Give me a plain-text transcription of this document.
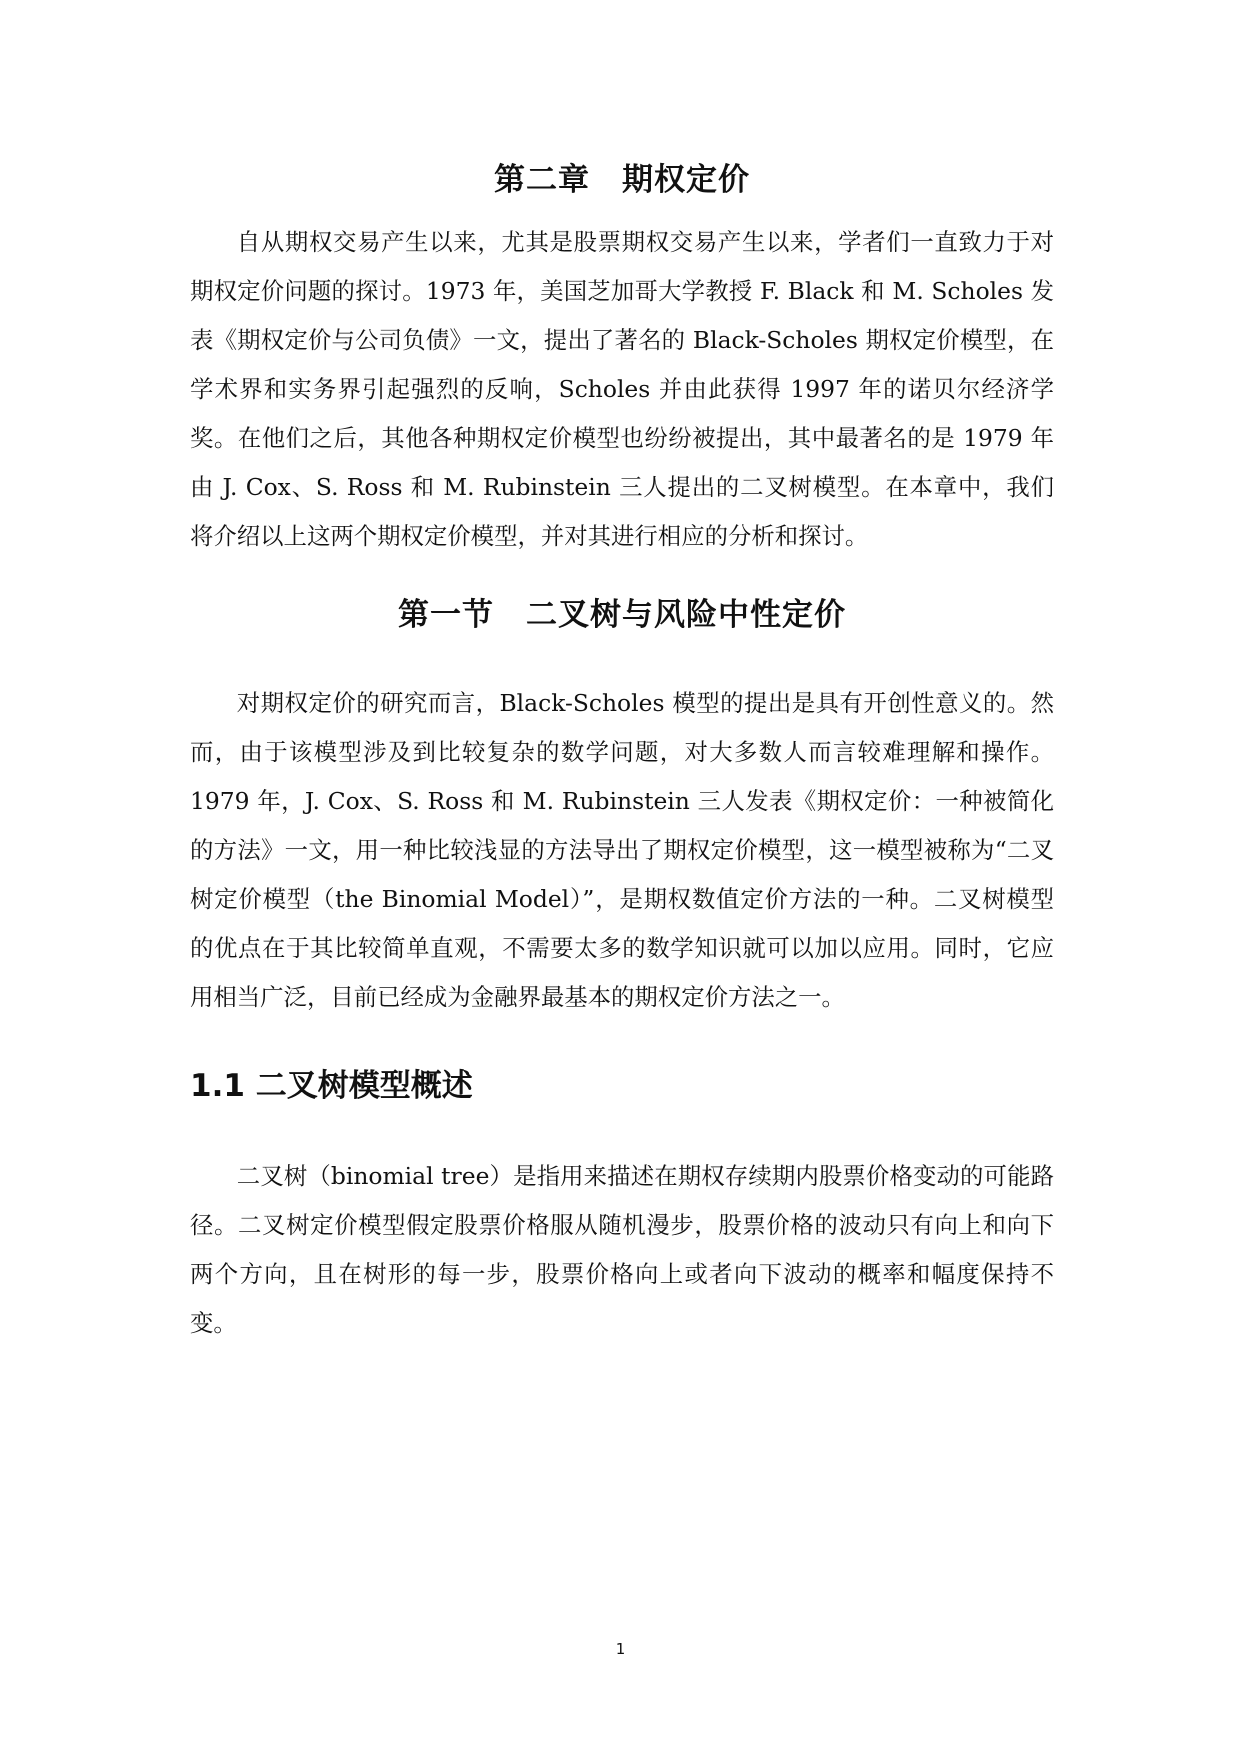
第二章　期权定价

自从期权交易产生以来，尤其是股票期权交易产生以来，学者们一直致力于对期权定价问题的探讨。1973 年，美国芝加哥大学教授 F. Black 和 M. Scholes 发表《期权定价与公司负债》一文，提出了著名的 Black-Scholes 期权定价模型，在学术界和实务界引起强烈的反响，Scholes 并由此获得 1997 年的诺贝尔经济学奖。在他们之后，其他各种期权定价模型也纷纷被提出，其中最著名的是 1979 年由 J. Cox、S. Ross 和 M. Rubinstein 三人提出的二叉树模型。在本章中，我们将介绍以上这两个期权定价模型，并对其进行相应的分析和探讨。

第一节　二叉树与风险中性定价

对期权定价的研究而言，Black-Scholes 模型的提出是具有开创性意义的。然而，由于该模型涉及到比较复杂的数学问题，对大多数人而言较难理解和操作。1979 年，J. Cox、S. Ross 和 M. Rubinstein 三人发表《期权定价：一种被简化的方法》一文，用一种比较浅显的方法导出了期权定价模型，这一模型被称为“二叉树定价模型（the Binomial Model）”，是期权数值定价方法的一种。二叉树模型的优点在于其比较简单直观，不需要太多的数学知识就可以加以应用。同时，它应用相当广泛，目前已经成为金融界最基本的期权定价方法之一。

1.1 二叉树模型概述

二叉树（binomial tree）是指用来描述在期权存续期内股票价格变动的可能路径。二叉树定价模型假定股票价格服从随机漫步，股票价格的波动只有向上和向下两个方向，且在树形的每一步，股票价格向上或者向下波动的概率和幅度保持不变。

1
